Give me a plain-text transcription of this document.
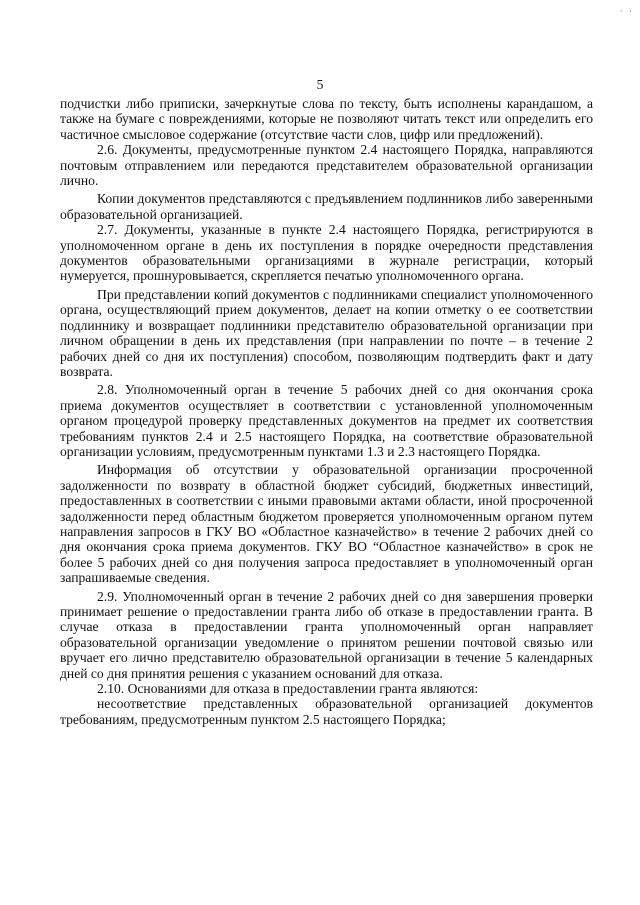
· ·
5

подчистки либо приписки, зачеркнутые слова по тексту, быть исполнены карандашом, а также на бумаге с повреждениями, которые не позволяют читать текст или определить его частичное смысловое содержание (отсутствие части слов, цифр или предложений).

2.6. Документы, предусмотренные пунктом 2.4 настоящего Порядка, направляются почтовым отправлением или передаются представителем образовательной организации лично.

Копии документов представляются с предъявлением подлинников либо заверенными образовательной организацией.

2.7. Документы, указанные в пункте 2.4 настоящего Порядка, регистрируются в уполномоченном органе в день их поступления в порядке очередности представления документов образовательными организациями в журнале регистрации, который нумеруется, прошнуровывается, скрепляется печатью уполномоченного органа.

При представлении копий документов с подлинниками специалист уполномоченного органа, осуществляющий прием документов, делает на копии отметку о ее соответствии подлиннику и возвращает подлинники представителю образовательной организации при личном обращении в день их представления (при направлении по почте – в течение 2 рабочих дней со дня их поступления) способом, позволяющим подтвердить факт и дату возврата.

2.8. Уполномоченный орган в течение 5 рабочих дней со дня окончания срока приема документов осуществляет в соответствии с установленной уполномоченным органом процедурой проверку представленных документов на предмет их соответствия требованиям пунктов 2.4 и 2.5 настоящего Порядка, на соответствие образовательной организации условиям, предусмотренным пунктами 1.3 и 2.3 настоящего Порядка.

Информация об отсутствии у образовательной организации просроченной задолженности по возврату в областной бюджет субсидий, бюджетных инвестиций, предоставленных в соответствии с иными правовыми актами области, иной просроченной задолженности перед областным бюджетом проверяется уполномоченным органом путем направления запросов в ГКУ ВО «Областное казначейство» в течение 2 рабочих дней со дня окончания срока приема документов. ГКУ ВО “Областное казначейство» в срок не более 5 рабочих дней со дня получения запроса предоставляет в уполномоченный орган запрашиваемые сведения.

2.9. Уполномоченный орган в течение 2 рабочих дней со дня завершения проверки принимает решение о предоставлении гранта либо об отказе в предоставлении гранта. В случае отказа в предоставлении гранта уполномоченный орган направляет образовательной организации уведомление о принятом решении почтовой связью или вручает его лично представителю образовательной организации в течение 5 календарных дней со дня принятия решения с указанием оснований для отказа.

2.10. Основаниями для отказа в предоставлении гранта являются:

несоответствие представленных образовательной организацией документов требованиям, предусмотренным пунктом 2.5 настоящего Порядка;
